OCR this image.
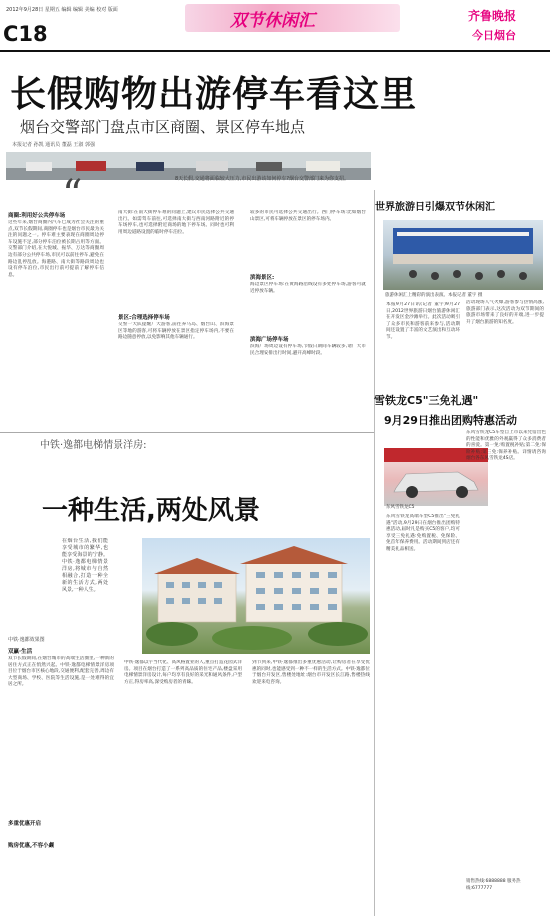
2012年9月28日 星期五 编辑 编辑 美编 校对 版面
双节休闲汇
C18
齐鲁晚报
今日烟台
长假购物出游停车看这里
烟台交警部门盘点市区商圈、景区停车地点
本报记者 孙凯 通讯员 董磊 王淑 郭强
“	8天长假,交通将面临较大压力,市民出游该如何停车?烟台交警部门来为你支招。
商圈:利用好公共停车场
这些年来,烟台商圈内汽车已成为社会关注的重点,双节长假期间,商圈停车也是烟台市民最为关注的问题之一。停车难主要表现在商圈周边停车设施不足,部分停车泊位被长期占用等方面。交警部门介绍,在大悦城、振华、万达等商圈周边有部分公共停车场,市民可以前往停车,避免在路边乱停乱放。海港路、南大街等路段周边也设有停车泊位,市民出行前可提前了解停车信息。
南大街:在南大街停车难的问题上,建议市民选择公共交通出行。如需驾车前往,可选择南大街与西南河路附近的停车场停车,也可选择附近商场的地下停车场。同时也可利用周边道路设置的临时停车泊位。
景区:合理选择停车场
交警一大队提醒广大游客,前往养马岛、烟台山、滨海景区等地的游客,可将车辆停放在景区指定停车场内,不要在路边随意停放,以免影响其他车辆通行。
较多的市民可选择公共交通出行。西门停车场:比如烟台山景区,可将车辆停放在景区的停车场内。
滨海景区:
海边景区停车场:在黄海路沿线设有多处停车场,游客可就近停放车辆。
滨海广场停车场
滨海广场周边设有停车场,节假日期间车辆较多,请广大市民合理安排出行时间,避开高峰时段。
中铁·逸都电梯情景洋房:
一种生活,两处风景
在烟台生活,我们能享受城市的繁华,也能享受海景的宁静。中铁·逸都电梯情景洋房,将城市与自然相融合,打造一种全新的生活方式,两处风景,一种人生。
中铁·逸都效果图
双赢·生活
双节长假期间,在烟台城市的高端生活圈里,一种新的居住方式正在悄然兴起。中铁·逸都电梯情景洋房项目位于烟台市区核心地段,交通便利,配套完善,周边有大型商场、学校、医院等生活设施,是一处难得的宜居之所。
多重优惠开启
购房优惠,不容小觑
中铁·逸都以宇当代化、高风格置业的人,重点打造花园式洋房。项目在烟台打造了一系列高品质的住宅产品,楼盘采用电梯情景洋房设计,每户均享有良好的采光和通风条件,户型方正,得房率高,深受购房者的青睐。
到节到来,中铁·逸都推出多重优惠活动,让购房者在享受优惠的同时,也能感受到一种不一样的生活方式。中铁·逸都位于烟台开发区,售楼处地址:烟台市开发区长江路,售楼热线欢迎来电咨询。
世界旅游日引爆双节休闲汇
旅游休闲汇上精彩的演出表演。本报记者 董宇 摄
本报9月27日讯(记者 董宇)9月27日,2012世界旅游日烟台旅游休闲汇在开发区金沙滩举行。此次活动吸引了众多市民和游客前来参与,活动期间还设置了丰富的文艺演出和互动环节。
活动现场人气火爆,游客参与热情高涨,旅游部门表示,这次活动为双节期间的旅游市场带来了良好的开端,进一步提升了烟台旅游的知名度。
雪铁龙C5"三免礼遇"
9月29日推出团购特惠活动
东风雪铁龙C5
东风雪铁龙高端车型C5推出"三免礼遇"活动,9月29日在烟台推出团购特惠活动,届时凡是购买C5的客户,均可享受三免礼遇:免购置税、免保险、免首年保养费用。活动期间到店还有精美礼品相送。
东风雪铁龙C5车型自上市以来凭借出色的性能和优雅的外观赢得了众多消费者的喜爱。第一免:购置税补贴;第二免:保险补贴;第三免:保养补贴。详情请咨询烟台各东风雪铁龙4S店。
销售热线:6888888 服务热线:6777777
